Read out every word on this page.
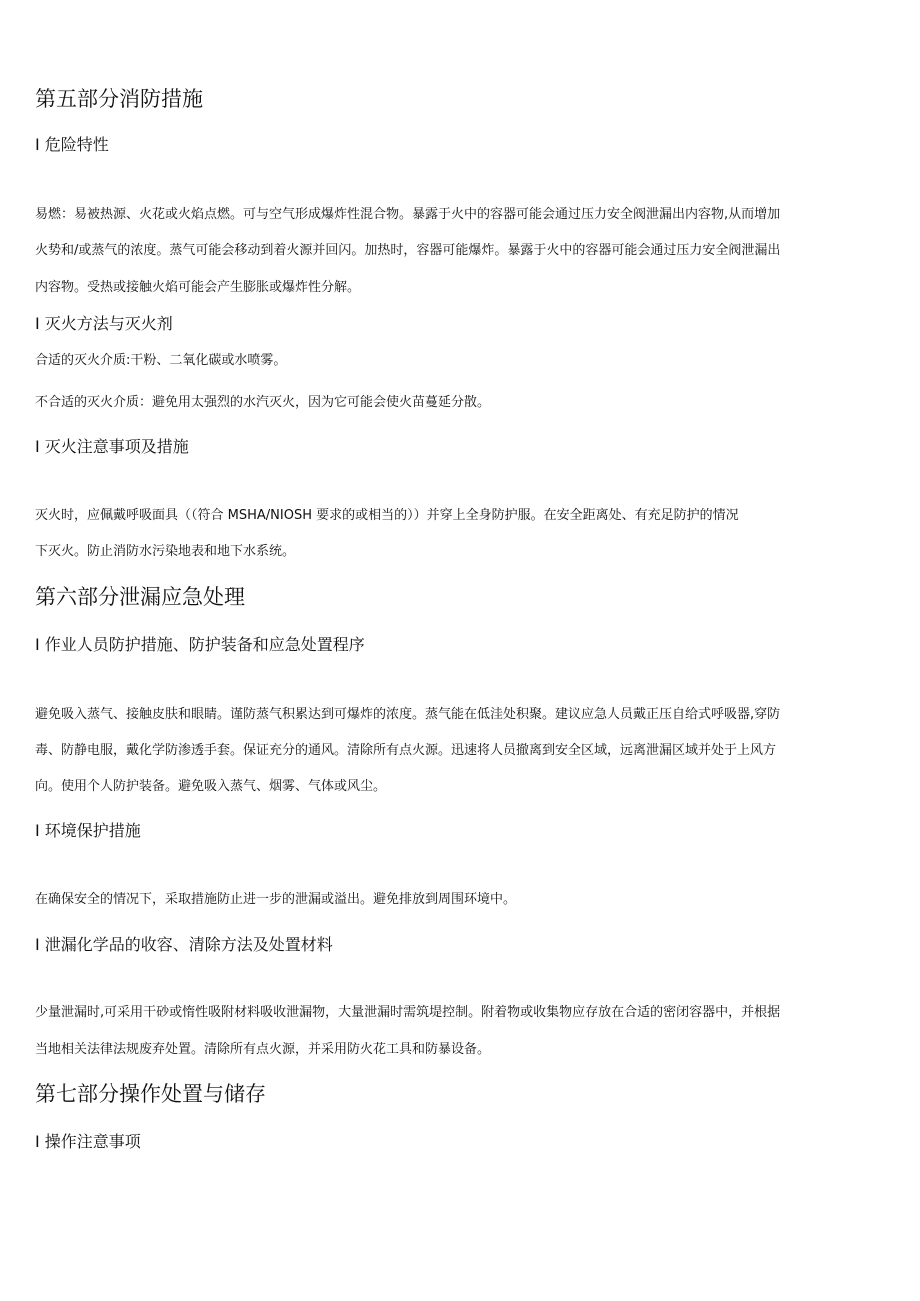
第五部分消防措施
I 危险特性
易燃：易被热源、火花或火焰点燃。可与空气形成爆炸性混合物。暴露于火中的容器可能会通过压力安全阀泄漏出内容物,从而增加
火势和/或蒸气的浓度。蒸气可能会移动到着火源并回闪。加热时，容器可能爆炸。暴露于火中的容器可能会通过压力安全阀泄漏出
内容物。受热或接触火焰可能会产生膨胀或爆炸性分解。
I 灭火方法与灭火剂
合适的灭火介质:干粉、二氧化碳或水喷雾。
不合适的灭火介质：避免用太强烈的水汽灭火，因为它可能会使火苗蔓延分散。
I 灭火注意事项及措施
灭火时，应佩戴呼吸面具（（符合 MSHA/NIOSH 要求的或相当的））并穿上全身防护服。在安全距离处、有充足防护的情况
下灭火。防止消防水污染地表和地下水系统。
第六部分泄漏应急处理
I 作业人员防护措施、防护装备和应急处置程序
避免吸入蒸气、接触皮肤和眼睛。谨防蒸气积累达到可爆炸的浓度。蒸气能在低洼处积聚。建议应急人员戴正压自给式呼吸器,穿防
毒、防静电服，戴化学防渗透手套。保证充分的通风。清除所有点火源。迅速将人员撤离到安全区域，远离泄漏区域并处于上风方
向。使用个人防护装备。避免吸入蒸气、烟雾、气体或风尘。
I 环境保护措施
在确保安全的情况下，采取措施防止进一步的泄漏或溢出。避免排放到周围环境中。
I 泄漏化学品的收容、清除方法及处置材料
少量泄漏时,可采用干砂或惰性吸附材料吸收泄漏物，大量泄漏时需筑堤控制。附着物或收集物应存放在合适的密闭容器中，并根据
当地相关法律法规废弃处置。清除所有点火源，并采用防火花工具和防暴设备。
第七部分操作处置与储存
I 操作注意事项
